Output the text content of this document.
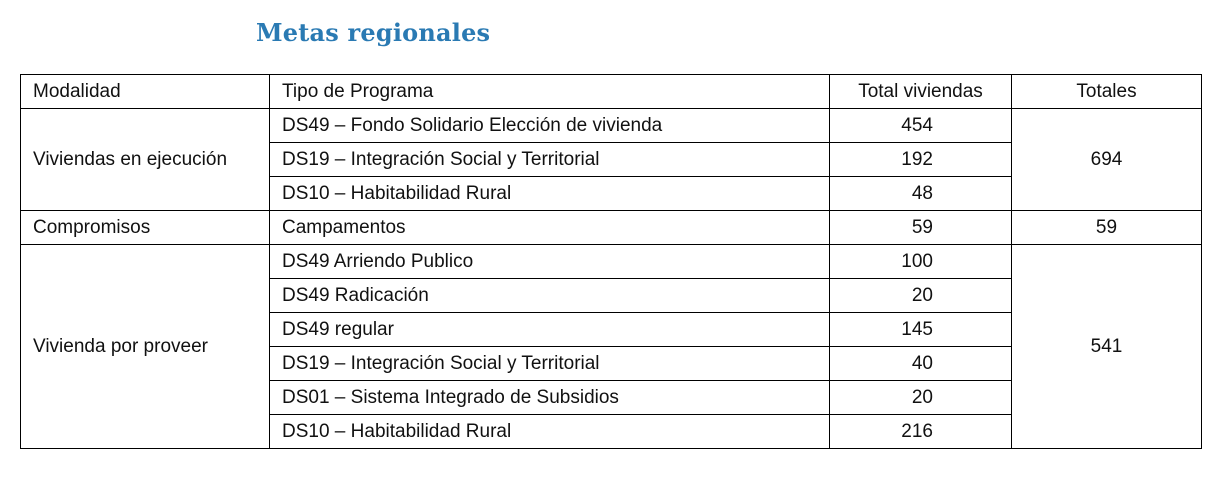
Metas regionales
Modalidad	Tipo de Programa	Total viviendas	Totales
Viviendas en ejecución	DS49 – Fondo Solidario Elección de vivienda	454	694
	DS19 – Integración Social y Territorial	192	
	DS10 – Habitabilidad Rural	48	
Compromisos	Campamentos	59	59
Vivienda por proveer	DS49 Arriendo Publico	100	541
	DS49 Radicación	20	
	DS49 regular	145	
	DS19 – Integración Social y Territorial	40	
	DS01 – Sistema Integrado de Subsidios	20	
	DS10 – Habitabilidad Rural	216	
